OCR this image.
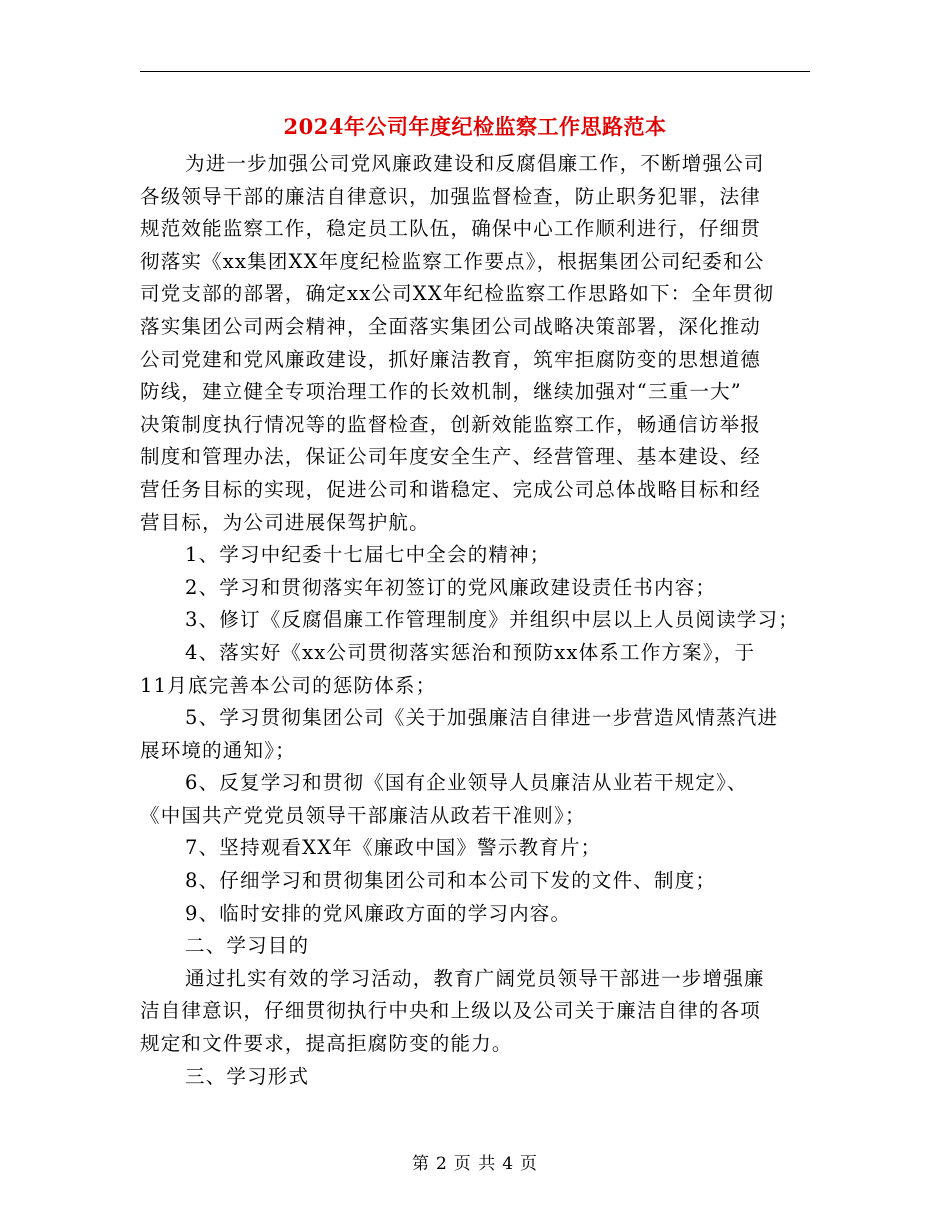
2024年公司年度纪检监察工作思路范本
为进一步加强公司党风廉政建设和反腐倡廉工作，不断增强公司
各级领导干部的廉洁自律意识，加强监督检查，防止职务犯罪，法律
规范效能监察工作，稳定员工队伍，确保中心工作顺利进行，仔细贯
彻落实《xx集团XX年度纪检监察工作要点》，根据集团公司纪委和公
司党支部的部署，确定xx公司XX年纪检监察工作思路如下：全年贯彻
落实集团公司两会精神，全面落实集团公司战略决策部署，深化推动
公司党建和党风廉政建设，抓好廉洁教育，筑牢拒腐防变的思想道德
防线，建立健全专项治理工作的长效机制，继续加强对“三重一大”
决策制度执行情况等的监督检查，创新效能监察工作，畅通信访举报
制度和管理办法，保证公司年度安全生产、经营管理、基本建设、经
营任务目标的实现，促进公司和谐稳定、完成公司总体战略目标和经
营目标，为公司进展保驾护航。
1、学习中纪委十七届七中全会的精神；
2、学习和贯彻落实年初签订的党风廉政建设责任书内容；
3、修订《反腐倡廉工作管理制度》并组织中层以上人员阅读学习；
4、落实好《xx公司贯彻落实惩治和预防xx体系工作方案》，于
11月底完善本公司的惩防体系；
5、学习贯彻集团公司《关于加强廉洁自律进一步营造风情蒸汽进
展环境的通知》；
6、反复学习和贯彻《国有企业领导人员廉洁从业若干规定》、
《中国共产党党员领导干部廉洁从政若干准则》；
7、坚持观看XX年《廉政中国》警示教育片；
8、仔细学习和贯彻集团公司和本公司下发的文件、制度；
9、临时安排的党风廉政方面的学习内容。
二、学习目的
通过扎实有效的学习活动，教育广阔党员领导干部进一步增强廉
洁自律意识，仔细贯彻执行中央和上级以及公司关于廉洁自律的各项
规定和文件要求，提高拒腐防变的能力。
三、学习形式
第 2 页 共 4 页
